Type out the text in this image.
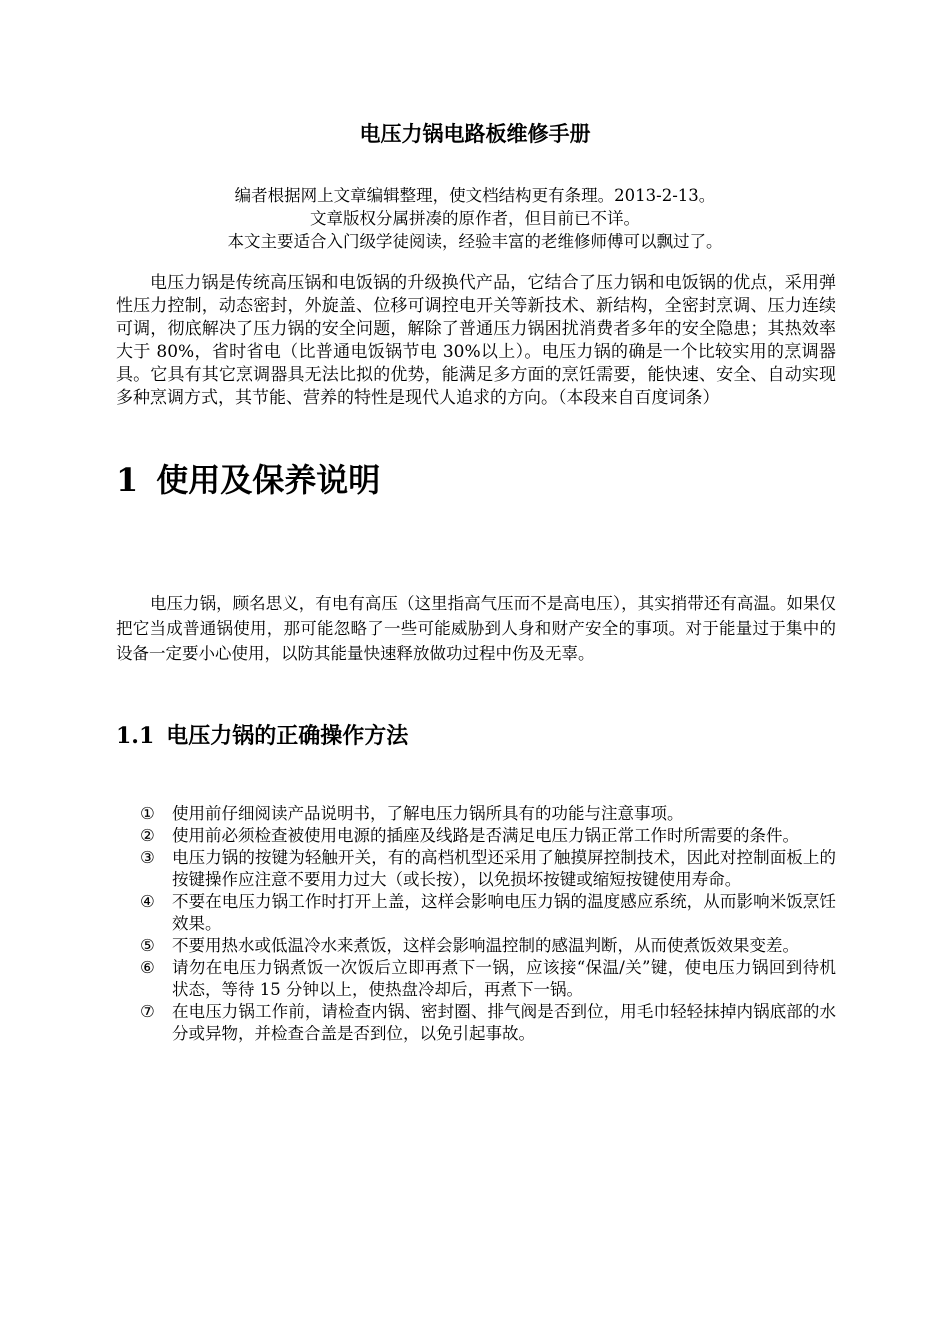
电压力锅电路板维修手册
编者根据网上文章编辑整理，使文档结构更有条理。2013-2-13。
文章版权分属拼凑的原作者，但目前已不详。
本文主要适合入门级学徒阅读，经验丰富的老维修师傅可以飘过了。

电压力锅是传统高压锅和电饭锅的升级换代产品，它结合了压力锅和电饭锅的优点，采用弹性压力控制，动态密封，外旋盖、位移可调控电开关等新技术、新结构，全密封烹调、压力连续可调，彻底解决了压力锅的安全问题，解除了普通压力锅困扰消费者多年的安全隐患；其热效率大于 80%，省时省电（比普通电饭锅节电 30%以上）。电压力锅的确是一个比较实用的烹调器具。它具有其它烹调器具无法比拟的优势，能满足多方面的烹饪需要，能快速、安全、自动实现多种烹调方式，其节能、营养的特性是现代人追求的方向。（本段来自百度词条）

1 使用及保养说明

电压力锅，顾名思义，有电有高压（这里指高气压而不是高电压），其实捎带还有高温。如果仅把它当成普通锅使用，那可能忽略了一些可能威胁到人身和财产安全的事项。对于能量过于集中的设备一定要小心使用，以防其能量快速释放做功过程中伤及无辜。

1.1 电压力锅的正确操作方法
① 使用前仔细阅读产品说明书，了解电压力锅所具有的功能与注意事项。
② 使用前必须检查被使用电源的插座及线路是否满足电压力锅正常工作时所需要的条件。
③ 电压力锅的按键为轻触开关，有的高档机型还采用了触摸屏控制技术，因此对控制面板上的按键操作应注意不要用力过大（或长按），以免损坏按键或缩短按键使用寿命。
④ 不要在电压力锅工作时打开上盖，这样会影响电压力锅的温度感应系统，从而影响米饭烹饪效果。
⑤ 不要用热水或低温冷水来煮饭，这样会影响温控制的感温判断，从而使煮饭效果变差。
⑥ 请勿在电压力锅煮饭一次饭后立即再煮下一锅，应该接“保温/关”键，使电压力锅回到待机状态，等待 15 分钟以上，使热盘冷却后，再煮下一锅。
⑦ 在电压力锅工作前，请检查内锅、密封圈、排气阀是否到位，用毛巾轻轻抹掉内锅底部的水分或异物，并检查合盖是否到位，以免引起事故。
